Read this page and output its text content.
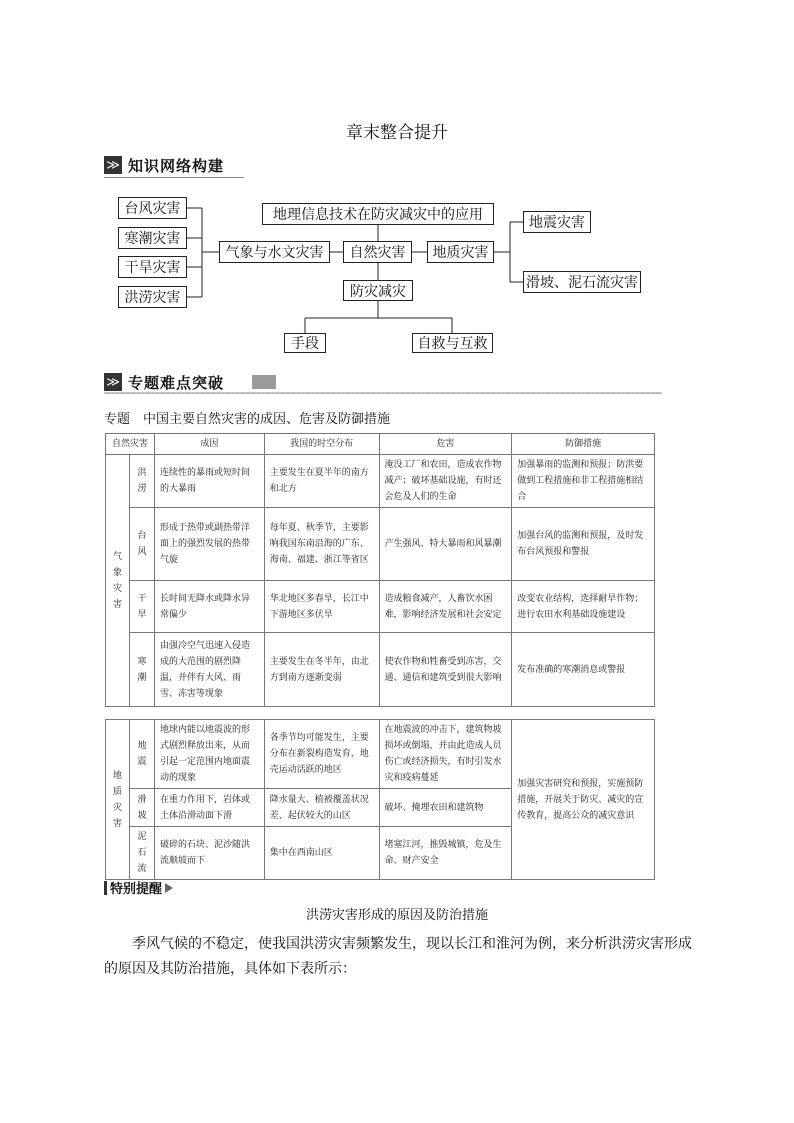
章末整合提升
≫ 知识网络构建
台风灾害
寒潮灾害
干旱灾害
洪涝灾害
气象与水文灾害	自然灾害	地质灾害
地理信息技术在防灾减灾中的应用	地震灾害
滑坡、泥石流灾害
防灾减灾
手段	自救与互救
≫ 专题难点突破
专题　中国主要自然灾害的成因、危害及防御措施
自然灾害		成因	我国的时空分布	危害	防御措施
气象灾害	洪涝	连续性的暴雨或短时间的大暴雨	主要发生在夏半年的南方和北方	淹没工厂和农田，造成农作物减产；破坏基础设施，有时还会危及人们的生命	加强暴雨的监测和预报；防洪要做到工程措施和非工程措施相结合
	台风	形成于热带或副热带洋面上的强烈发展的热带气旋	每年夏、秋季节，主要影响我国东南沿海的广东、海南、福建、浙江等省区	产生强风、特大暴雨和风暴潮	加强台风的监测和预报，及时发布台风预报和警报
	干旱	长时间无降水或降水异常偏少	华北地区多春旱，长江中下游地区多伏旱	造成粮食减产，人畜饮水困难，影响经济发展和社会安定	改变农业结构，选择耐旱作物；进行农田水利基础设施建设
	寒潮	由强冷空气迅速入侵造成的大范围的剧烈降温，并伴有大风、雨雪、冻害等现象	主要发生在冬半年，由北方到南方逐渐变弱	使农作物和牲畜受到冻害，交通、通信和建筑受到很大影响	发布准确的寒潮消息或警报
地质灾害	地震	地球内能以地震波的形式剧烈释放出来，从而引起一定范围内地面震动的现象	各季节均可能发生，主要分布在新裂构造发育、地壳运动活跃的地区	在地震波的冲击下，建筑物坡损坏或倒塌，并由此造成人员伤亡或经济损失，有时引发水灾和疫病蔓延	加强灾害研究和预报，实施预防措施，开展关于防灾、减灾的宣传教育，提高公众的减灾意识
	滑坡	在重力作用下，岩体或土体沿滑动面下滑	降水量大、植被覆盖状况差、起伏较大的山区	破坏、掩埋农田和建筑物	
	泥石流	破碎的石块、泥沙随洪流顺坡而下	集中在西南山区	堵塞江河，推毁城镇，危及生命、财产安全	
特别提醒
洪涝灾害形成的原因及防治措施
季风气候的不稳定，使我国洪涝灾害频繁发生，现以长江和淮河为例，来分析洪涝灾害形成的原因及其防治措施，具体如下表所示：
